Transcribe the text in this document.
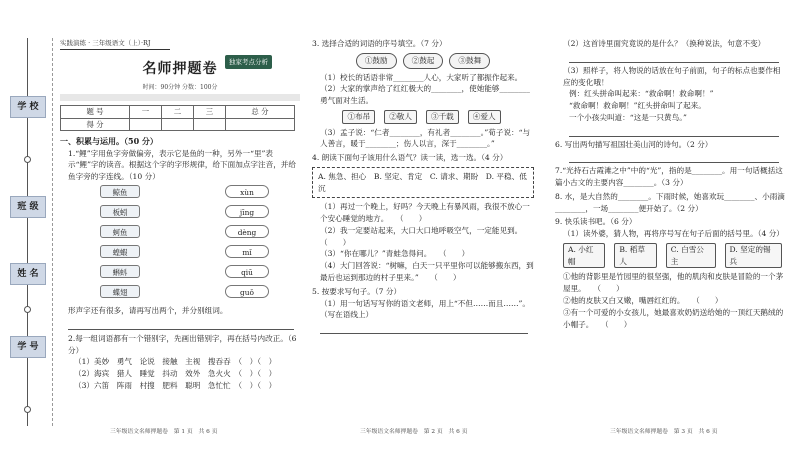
学 校
班 级
姓 名
学 号
实践演练 · 三年级语文（上）·RJ
名师押题卷	独家考点分析
时间：90分钟 分数：100分
题 号	一	二	三	总 分
得 分				
一、积累与运用。（50 分）
1.“鲤”字用鱼字旁做偏旁，表示它是鱼的一种，另外一“里”表示“鲤”字的读音。根据这个字的字形规律，给下面加点字注音，并给鱼字旁的字连线。（10 分）
鲸鱼
板蚓
蚵鱼
蝗蝦
蝌蚪
蝶翅
xùn
jīng
dèng
mǐ
qiū
guǒ
形声字还有很多，请再写出两个，并分别组词。
2.每一组词语都有一个错别字，先画出错别字，再在括号内改正。（6 分）
（1）美妙　勇气　论说　接触　主视　搜吞吞　（　）（　）
（2）海宾　猎人　睡觉　抖动　效外　急火火　（　）（　）
（3）六笛　阵雨　村搜　肥料　聪明　急忙忙　（　）（　）
3. 选择合适的词语的序号填空。（7 分）
①鼓励	②鼓起	③鼓舞
（1）校长的话语非常________人心，大家听了都振作起来。
（2）大家的掌声给了红红极大的________，使她能够________勇气面对生活。
①布吊	②敬人	③千载	④爱人
（3）孟子说：“仁者________，有礼者________。”荀子说：“与人善言，暖于________；伤人以言，深于________。”
4. 朗读下面句子该用什么语气？读一读，选一选。（4 分）
A. 焦急、担心　B. 坚定、肯定　C. 请求、期盼　D. 平稳、低沉
（1）再过一个晚上，好吗？今天晚上有暴风雨，我很不放心一个安心睡觉的地方。　　（　　）
（2）我一定要站起来，大口大口地呼吸空气，一定能见到。　　（　　）
（3）“你在哪儿？”青蛙急得问。　　（　　）
（4）大门回答说：“树嘛，白天一只平里你可以能够搬东西，到最后也运到那边的村子里来。”　　（　　）
5. 按要求写句子。（7 分）
（1）用一句话写写你的语文老师，用上“不但……而且……”。（写在语线上）
（2）这首诗里面究竟说的是什么？（换种说法，句意不变）
（3）照样子，将人物说的话放在句子前面，句子的标点也要作相应的变化哦！
例：红头拼命叫起来：“救命啊！救命啊！”
“救命啊！救命啊！”红头拼命叫了起来。
一个小孩尖叫道：“这是一只黄鸟。”
6. 写出两句描写祖国壮美山河的诗句。（2 分）
7.“光持石古霞滩之中”中的“光”，指的是________。用一句话概括这篇小古文的主要内容________。（3 分）
8. 水，是大自然的________。下雨时候，她喜欢玩________、小雨滴________，一场________便开始了。（2 分）
9. 快乐读书吧。（6 分）
（1）读外婆，猜人物，再将序号写在句子后面的括号里。（4 分）
A. 小红帽
B. 稻草人
C. 白雪公主
D. 坚定的锡兵
①他的背影里是竹园里的很坚强，他的肌肉和皮肤是冒险的一个茅屋里。　　（　　）
②他的皮肤又白又嫩，嘴唇红红的。　　（　　）
③有一个可爱的小女孩儿，她最喜欢奶奶送给她的一顶红天鹅绒的小帽子。　　（　　）
三年级语文名师押题卷　第 1 页　共 6 页	三年级语文名师押题卷　第 2 页　共 6 页	三年级语文名师押题卷　第 3 页　共 6 页
